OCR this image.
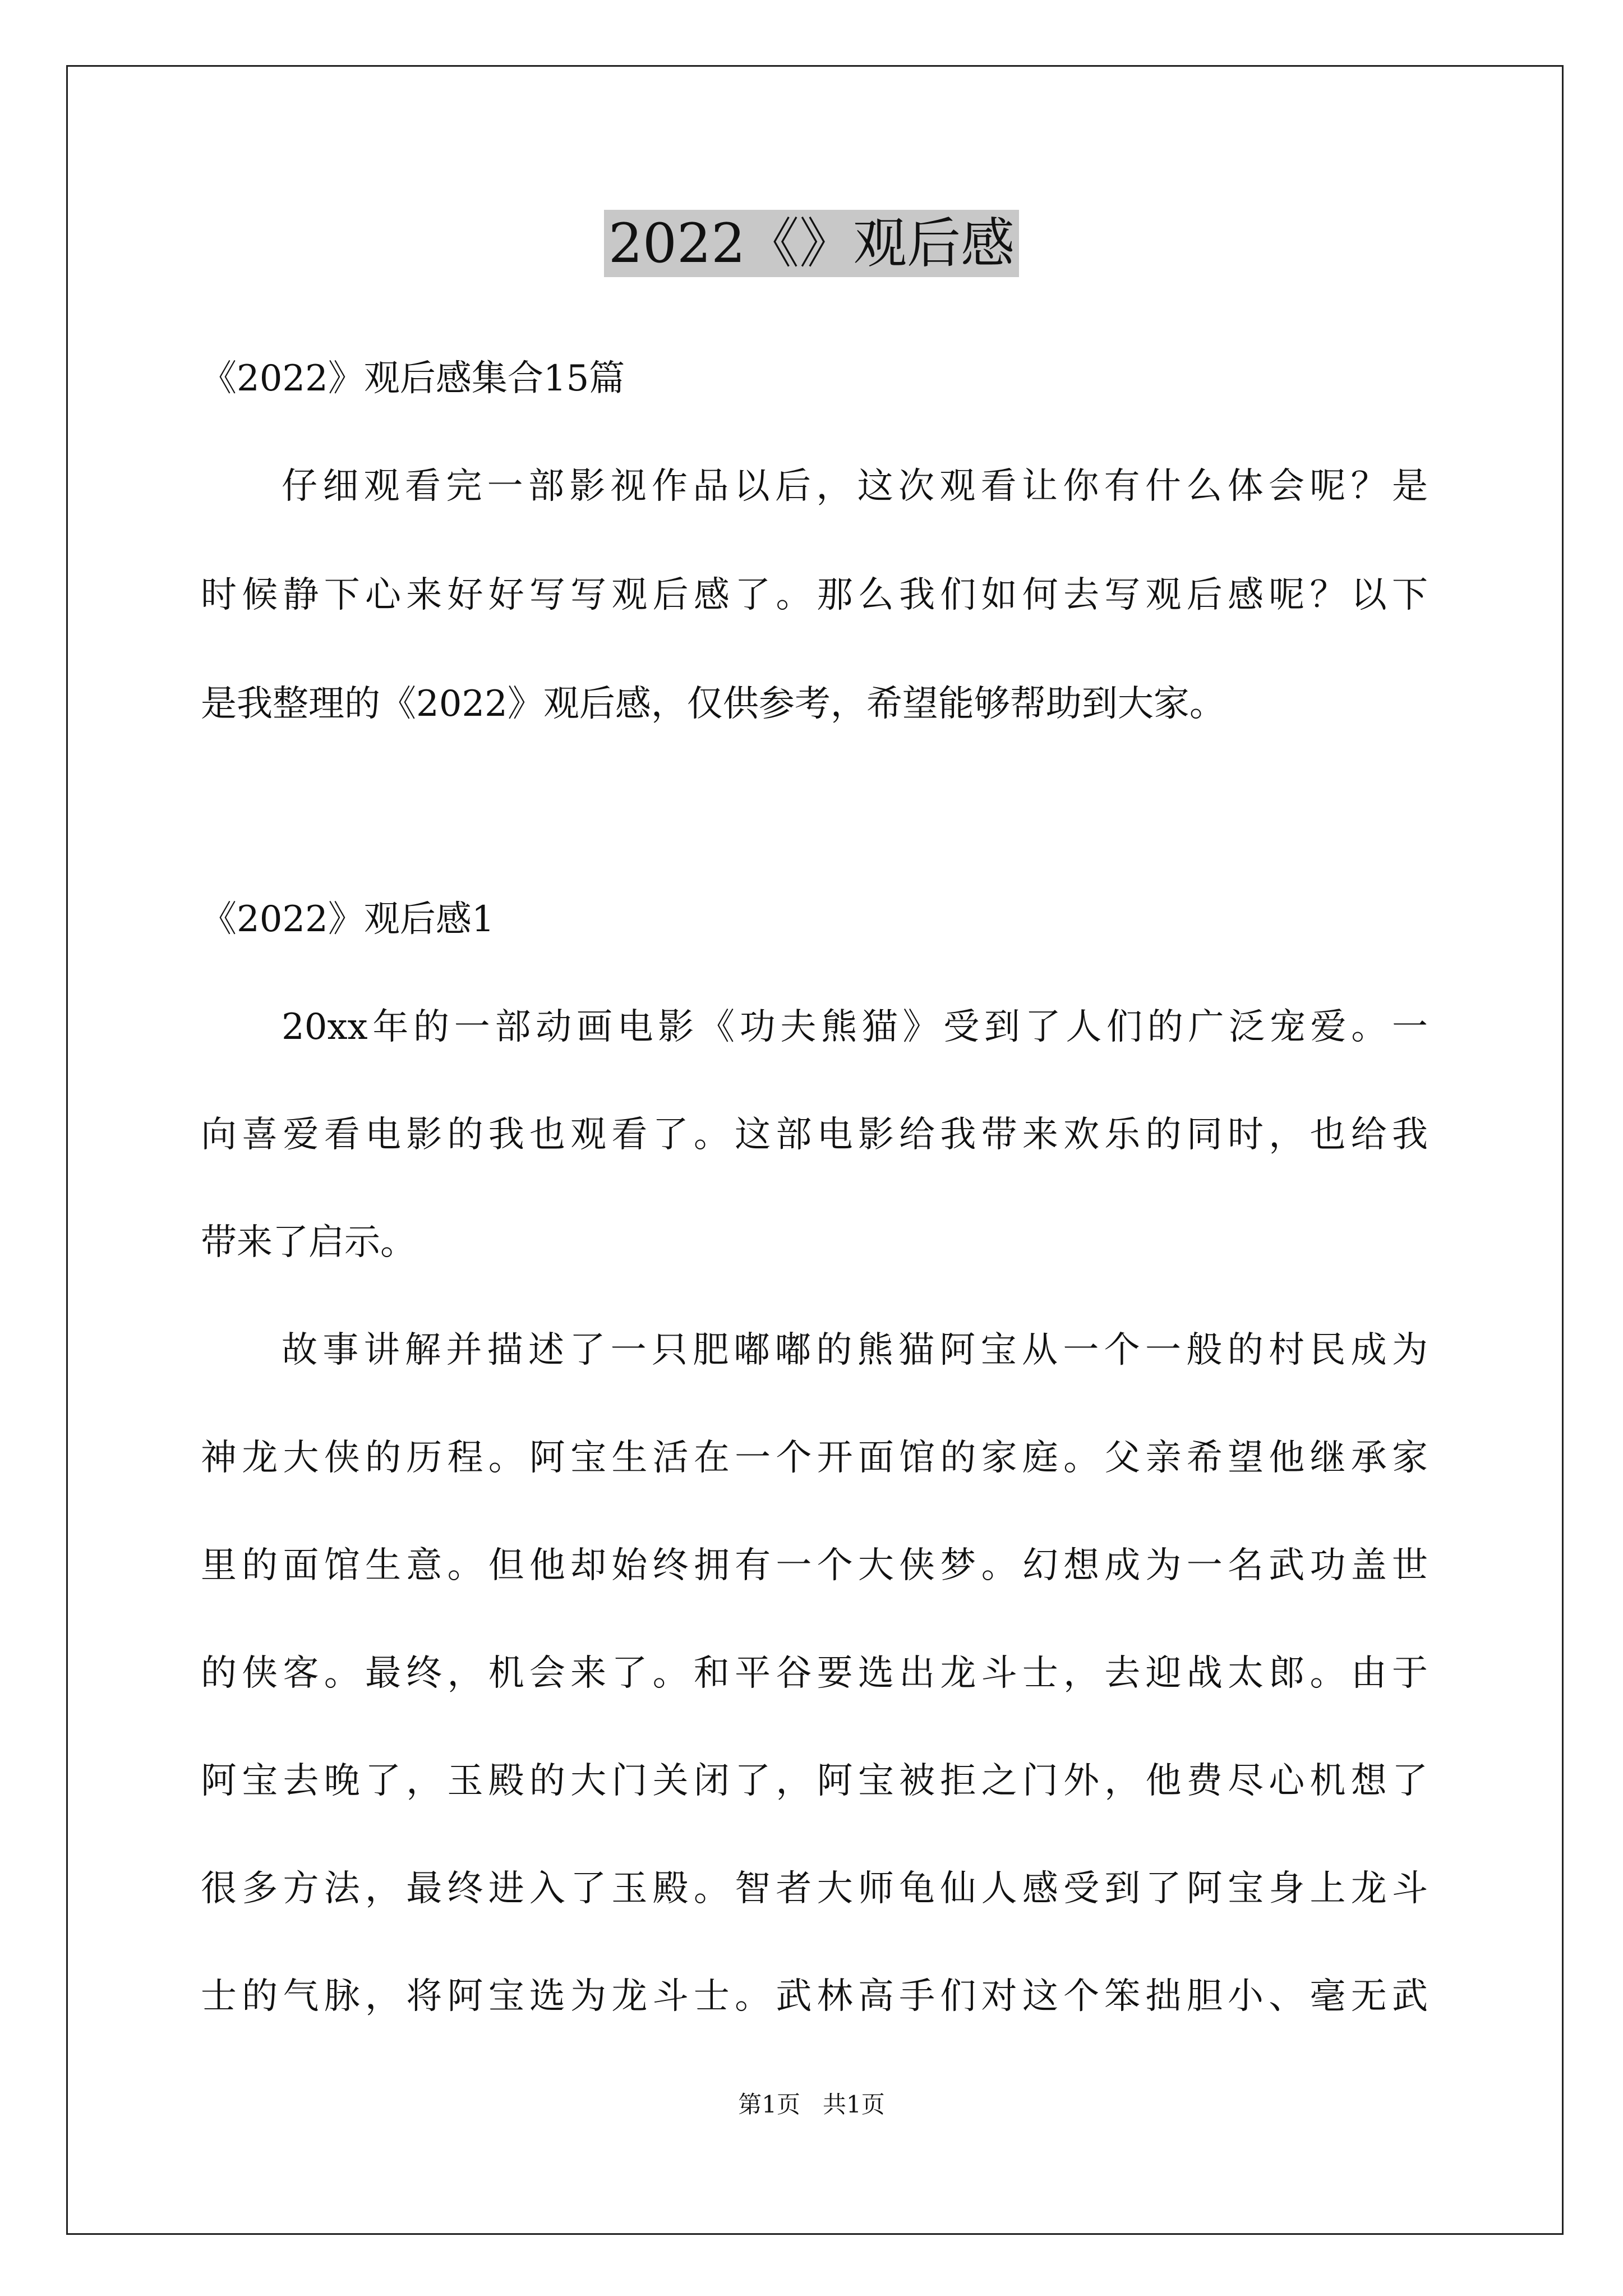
2022《》观后感
《2022》观后感集合15篇
仔细观看完一部影视作品以后，这次观看让你有什么体会呢？是
时候静下心来好好写写观后感了。那么我们如何去写观后感呢？以下
是我整理的《2022》观后感，仅供参考，希望能够帮助到大家。
《2022》观后感1
20xx年的一部动画电影《功夫熊猫》受到了人们的广泛宠爱。一
向喜爱看电影的我也观看了。这部电影给我带来欢乐的同时，也给我
带来了启示。
故事讲解并描述了一只肥嘟嘟的熊猫阿宝从一个一般的村民成为
神龙大侠的历程。阿宝生活在一个开面馆的家庭。父亲希望他继承家
里的面馆生意。但他却始终拥有一个大侠梦。幻想成为一名武功盖世
的侠客。最终，机会来了。和平谷要选出龙斗士，去迎战太郎。由于
阿宝去晚了，玉殿的大门关闭了，阿宝被拒之门外，他费尽心机想了
很多方法，最终进入了玉殿。智者大师龟仙人感受到了阿宝身上龙斗
士的气脉，将阿宝选为龙斗士。武林高手们对这个笨拙胆小、毫无武
第1页   共1页
